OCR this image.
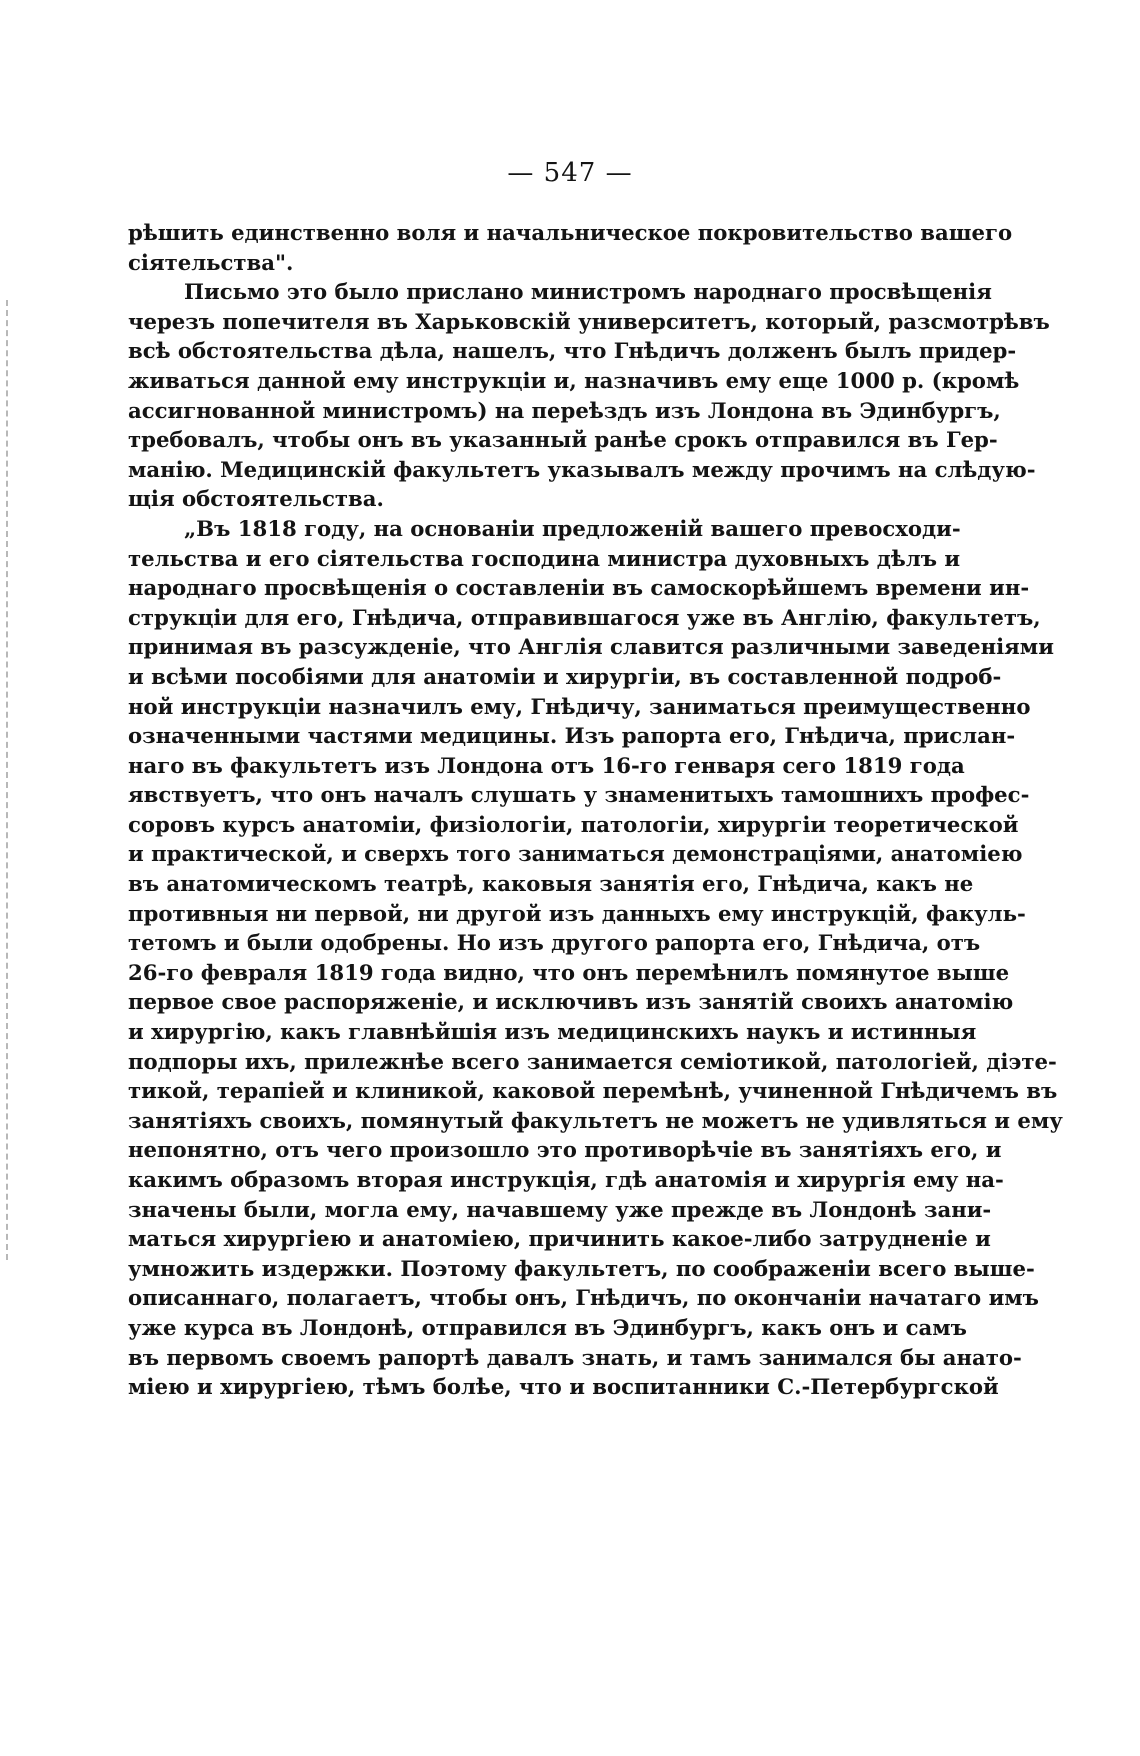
— 547 —
рѣшить единственно воля и начальническое покровительство вашего
сіятельства".
Письмо это было прислано министромъ народнаго просвѣщенія
черезъ попечителя въ Харьковскій университетъ, который, разсмотрѣвъ
всѣ обстоятельства дѣла, нашелъ, что Гнѣдичъ долженъ былъ придер-
живаться данной ему инструкціи и, назначивъ ему еще 1000 р. (кромѣ
ассигнованной министромъ) на переѣздъ изъ Лондона въ Эдинбургъ,
требовалъ, чтобы онъ въ указанный ранѣе срокъ отправился въ Гер-
манію. Медицинскій факультетъ указывалъ между прочимъ на слѣдую-
щія обстоятельства.
„Въ 1818 году, на основаніи предложеній вашего превосходи-
тельства и его сіятельства господина министра духовныхъ дѣлъ и
народнаго просвѣщенія о составленіи въ самоскорѣйшемъ времени ин-
струкціи для его, Гнѣдича, отправившагося уже въ Англію, факультетъ,
принимая въ разсужденіе, что Англія славится различными заведеніями
и всѣми пособіями для анатоміи и хирургіи, въ составленной подроб-
ной инструкціи назначилъ ему, Гнѣдичу, заниматься преимущественно
означенными частями медицины. Изъ рапорта его, Гнѣдича, прислан-
наго въ факультетъ изъ Лондона отъ 16-го генваря сего 1819 года
явствуетъ, что онъ началъ слушать у знаменитыхъ тамошнихъ профес-
соровъ курсъ анатоміи, физіологіи, патологіи, хирургіи теоретической
и практической, и сверхъ того заниматься демонстраціями, анатоміею
въ анатомическомъ театрѣ, каковыя занятія его, Гнѣдича, какъ не
противныя ни первой, ни другой изъ данныхъ ему инструкцій, факуль-
тетомъ и были одобрены. Но изъ другого рапорта его, Гнѣдича, отъ
26-го февраля 1819 года видно, что онъ перемѣнилъ помянутое выше
первое свое распоряженіе, и исключивъ изъ занятій своихъ анатомію
и хирургію, какъ главнѣйшія изъ медицинскихъ наукъ и истинныя
подпоры ихъ, прилежнѣе всего занимается семіотикой, патологіей, діэте-
тикой, терапіей и клиникой, каковой перемѣнѣ, учиненной Гнѣдичемъ въ
занятіяхъ своихъ, помянутый факультетъ не можетъ не удивляться и ему
непонятно, отъ чего произошло это противорѣчіе въ занятіяхъ его, и
какимъ образомъ вторая инструкція, гдѣ анатомія и хирургія ему на-
значены были, могла ему, начавшему уже прежде въ Лондонѣ зани-
маться хирургіею и анатоміею, причинить какое-либо затрудненіе и
умножить издержки. Поэтому факультетъ, по соображеніи всего выше-
описаннаго, полагаетъ, чтобы онъ, Гнѣдичъ, по окончаніи начатаго имъ
уже курса въ Лондонѣ, отправился въ Эдинбургъ, какъ онъ и самъ
въ первомъ своемъ рапортѣ давалъ знать, и тамъ занимался бы анато-
міею и хирургіею, тѣмъ болѣе, что и воспитанники С.-Петербургской
